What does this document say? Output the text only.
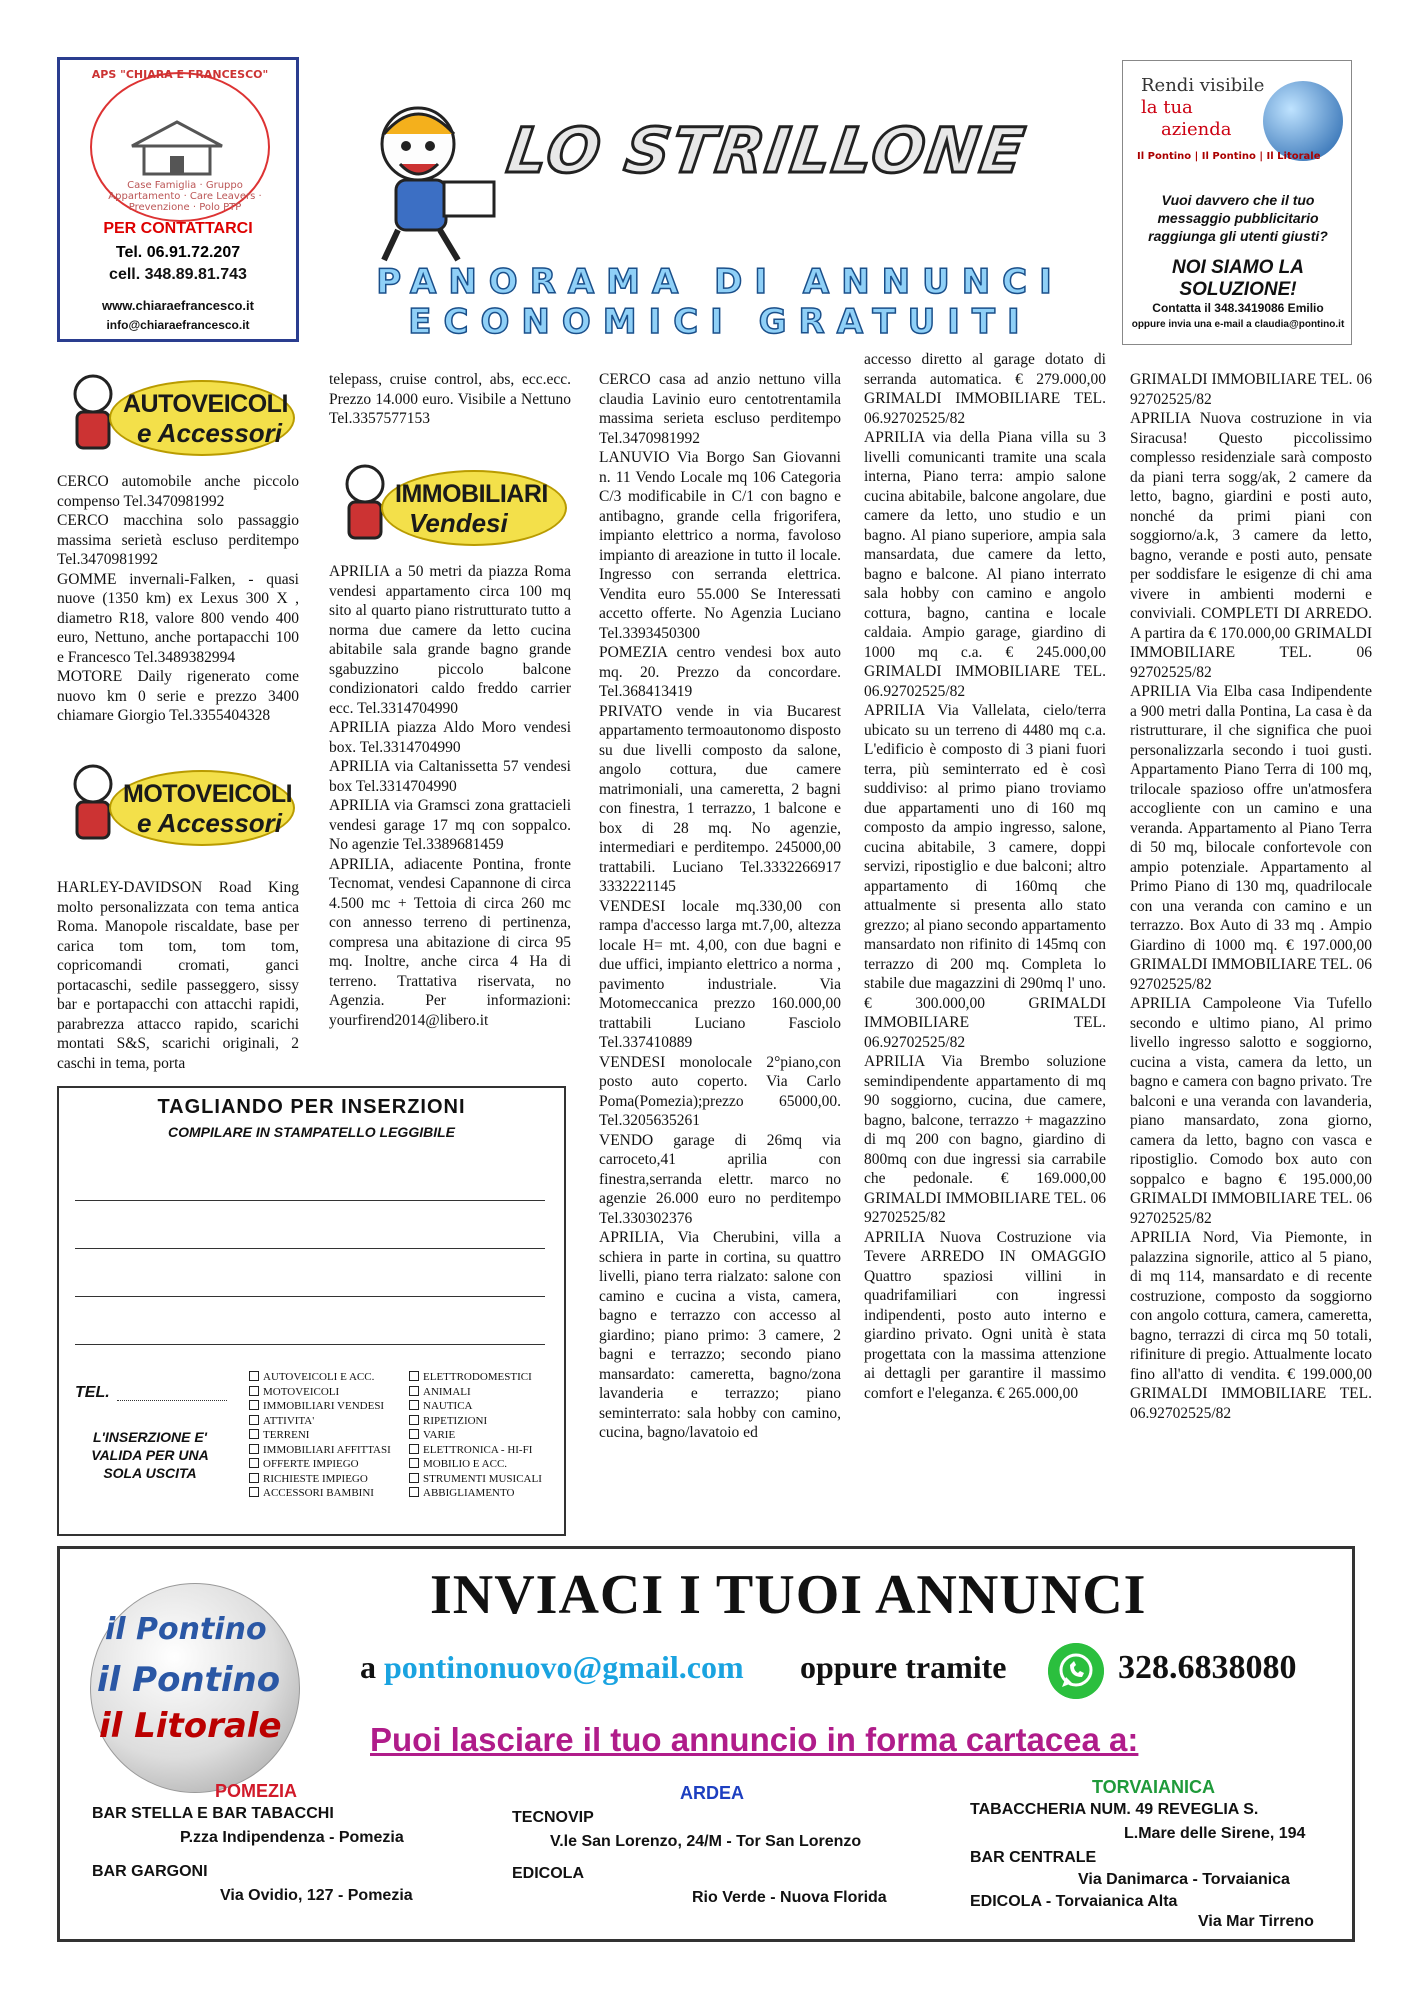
APS "CHIARA E FRANCESCO"
Case Famiglia · Gruppo Appartamento · Care Leavers · Prevenzione · Polo PTP
PER CONTATTARCI
Tel. 06.91.72.207
cell. 348.89.81.743
www.chiaraefrancesco.it
info@chiaraefrancesco.it
LO STRILLONE
PANORAMA DI ANNUNCI
ECONOMICI GRATUITI
Rendi visibile
la tua
azienda
Il Pontino | Il Pontino | Il Litorale
Vuoi davvero che il tuo messaggio pubblicitario raggiunga gli utenti giusti?
NOI SIAMO LA SOLUZIONE!
Contatta il 348.3419086 Emilio
oppure invia una e-mail a claudia@pontino.it
AUTOVEICOLI
e Accessori
MOTOVEICOLI
e Accessori
IMMOBILIARI
Vendesi

CERCO automobile anche piccolo compenso Tel.3470981992

CERCO macchina solo passaggio massima serietà escluso perditempo Tel.3470981992

GOMME invernali-Falken, - quasi nuove (1350 km) ex Lexus 300 X , diametro R18, valore 800 vendo 400 euro, Nettuno, anche portapacchi 100 e Francesco Tel.3489382994

MOTORE Daily rigenerato come nuovo km 0 serie e prezzo 3400 chiamare Giorgio Tel.3355404328

HARLEY-DAVIDSON Road King molto personalizzata con tema antica Roma. Manopole riscaldate, base per carica tom tom, tom tom, copricomandi cromati, ganci portacaschi, sedile passeggero, sissy bar e portapacchi con attacchi rapidi, parabrezza attacco rapido, scarichi montati S&S, scarichi originali, 2 caschi in tema, porta

telepass, cruise control, abs, ecc.ecc. Prezzo 14.000 euro. Visibile a Nettuno Tel.3357577153

APRILIA a 50 metri da piazza Roma vendesi appartamento circa 100 mq sito al quarto piano ristrutturato tutto a norma due camere da letto cucina abitabile sala grande bagno grande sgabuzzino piccolo balcone condizionatori caldo freddo carrier ecc. Tel.3314704990

APRILIA piazza Aldo Moro vendesi box. Tel.3314704990

APRILIA via Caltanissetta 57 vendesi box Tel.3314704990

APRILIA via Gramsci zona grattacieli vendesi garage 17 mq con soppalco. No agenzie Tel.3389681459

APRILIA, adiacente Pontina, fronte Tecnomat, vendesi Capannone di circa 4.500 mc + Tettoia di circa 260 mc con annesso terreno di pertinenza, compresa una abitazione di circa 95 mq. Inoltre, anche circa 4 Ha di terreno. Trattativa riservata, no Agenzia. Per informazioni: yourfirend2014@libero.it

CERCO casa ad anzio nettuno villa claudia Lavinio euro centotrentamila massima serieta escluso perditempo Tel.3470981992

LANUVIO Via Borgo San Giovanni n. 11 Vendo Locale mq 106 Categoria C/3 modificabile in C/1 con bagno e antibagno, grande cella frigorifera, impianto elettrico a norma, favoloso impianto di areazione in tutto il locale. Ingresso con serranda elettrica. Vendita euro 55.000 Se Interessati accetto offerte. No Agenzia Luciano Tel.3393450300

POMEZIA centro vendesi box auto mq. 20. Prezzo da concordare. Tel.368413419

PRIVATO vende in via Bucarest appartamento termoautonomo disposto su due livelli composto da salone, angolo cottura, due camere matrimoniali, una cameretta, 2 bagni con finestra, 1 terrazzo, 1 balcone e box di 28 mq. No agenzie, intermediari e perditempo. 245000,00 trattabili. Luciano Tel.3332266917 3332221145

VENDESI locale mq.330,00 con rampa d'accesso larga mt.7,00, altezza locale H= mt. 4,00, con due bagni e due uffici, impianto elettrico a norma , pavimento industriale. Via Motomeccanica prezzo 160.000,00 trattabili Luciano Fasciolo Tel.337410889

VENDESI monolocale 2°piano,con posto auto coperto. Via Carlo Poma(Pomezia);prezzo 65000,00. Tel.3205635261

VENDO garage di 26mq via carroceto,41 aprilia con finestra,serranda elettr. marco no agenzie 26.000 euro no perditempo Tel.330302376

APRILIA, Via Cherubini, villa a schiera in parte in cortina, su quattro livelli, piano terra rialzato: salone con camino e cucina a vista, camera, bagno e terrazzo con accesso al giardino; piano primo: 3 camere, 2 bagni e terrazzo; secondo piano mansardato: cameretta, bagno/zona lavanderia e terrazzo; piano seminterrato: sala hobby con camino, cucina, bagno/lavatoio ed

accesso diretto al garage dotato di serranda automatica. € 279.000,00 GRIMALDI IMMOBILIARE TEL. 06.92702525/82

APRILIA via della Piana villa su 3 livelli comunicanti tramite una scala interna, Piano terra: ampio salone cucina abitabile, balcone angolare, due camere da letto, uno studio e un bagno. Al piano superiore, ampia sala mansardata, due camere da letto, bagno e balcone. Al piano interrato sala hobby con camino e angolo cottura, bagno, cantina e locale caldaia. Ampio garage, giardino di 1000 mq c.a. € 245.000,00 GRIMALDI IMMOBILIARE TEL. 06.92702525/82

APRILIA Via Vallelata, cielo/terra ubicato su un terreno di 4480 mq c.a. L'edificio è composto di 3 piani fuori terra, più seminterrato ed è così suddiviso: al primo piano troviamo due appartamenti uno di 160 mq composto da ampio ingresso, salone, cucina abitabile, 3 camere, doppi servizi, ripostiglio e due balconi; altro appartamento di 160mq che attualmente si presenta allo stato grezzo; al piano secondo appartamento mansardato non rifinito di 145mq con terrazzo di 200 mq. Completa lo stabile due magazzini di 290mq l' uno.€ 300.000,00 GRIMALDI IMMOBILIARE TEL. 06.92702525/82

APRILIA Via Brembo soluzione semindipendente appartamento di mq 90 soggiorno, cucina, due camere, bagno, balcone, terrazzo + magazzino di mq 200 con bagno, giardino di 800mq con due ingressi sia carrabile che pedonale. € 169.000,00 GRIMALDI IMMOBILIARE TEL. 06 92702525/82

APRILIA Nuova Costruzione via Tevere ARREDO IN OMAGGIO Quattro spaziosi villini in quadrifamiliari con ingressi indipendenti, posto auto interno e giardino privato. Ogni unità è stata progettata con la massima attenzione ai dettagli per garantire il massimo comfort e l'eleganza. € 265.000,00

GRIMALDI IMMOBILIARE TEL. 06 92702525/82

APRILIA Nuova costruzione in via Siracusa! Questo piccolissimo complesso residenziale sarà composto da piani terra sogg/ak, 2 camere da letto, bagno, giardini e posti auto, nonché da primi piani con soggiorno/a.k, 3 camere da letto, bagno, verande e posti auto, pensate per soddisfare le esigenze di chi ama vivere in ambienti moderni e conviviali. COMPLETI DI ARREDO. A partira da € 170.000,00 GRIMALDI IMMOBILIARE TEL. 06 92702525/82

APRILIA Via Elba casa Indipendente a 900 metri dalla Pontina, La casa è da ristrutturare, il che significa che puoi personalizzarla secondo i tuoi gusti. Appartamento Piano Terra di 100 mq, trilocale spazioso offre un'atmosfera accogliente con un camino e una veranda. Appartamento al Piano Terra di 50 mq, bilocale confortevole con ampio potenziale. Appartamento al Primo Piano di 130 mq, quadrilocale con una veranda con camino e un terrazzo. Box Auto di 33 mq . Ampio Giardino di 1000 mq. € 197.000,00 GRIMALDI IMMOBILIARE TEL. 06 92702525/82

APRILIA Campoleone Via Tufello secondo e ultimo piano, Al primo livello ingresso salotto e soggiorno, cucina a vista, camera da letto, un bagno e camera con bagno privato. Tre balconi e una veranda con lavanderia, piano mansardato, zona giorno, camera da letto, bagno con vasca e ripostiglio. Comodo box auto con soppalco e bagno € 195.000,00 GRIMALDI IMMOBILIARE TEL. 06 92702525/82

APRILIA Nord, Via Piemonte, in palazzina signorile, attico al 5 piano, di mq 114, mansardato e di recente costruzione, composto da soggiorno con angolo cottura, camera, cameretta, bagno, terrazzi di circa mq 50 totali, rifiniture di pregio. Attualmente locato fino all'atto di vendita. € 199.000,00 GRIMALDI IMMOBILIARE TEL. 06.92702525/82

TAGLIANDO PER INSERZIONI
COMPILARE IN STAMPATELLO LEGGIBILE
TEL.
L'INSERZIONE E' VALIDA PER UNA SOLA USCITA
AUTOVEICOLI E ACC.
MOTOVEICOLI
IMMOBILIARI VENDESI
ATTIVITA'
TERRENI
IMMOBILIARI AFFITTASI
OFFERTE IMPIEGO
RICHIESTE IMPIEGO
ACCESSORI BAMBINI
ELETTRODOMESTICI
ANIMALI
NAUTICA
RIPETIZIONI
VARIE
ELETTRONICA - HI-FI
MOBILIO E ACC.
STRUMENTI MUSICALI
ABBIGLIAMENTO
il Pontino
il Pontino
il Litorale
INVIACI I TUOI ANNUNCI
a pontinonuovo@gmail.com oppure tramite	328.6838080
Puoi lasciare il tuo annuncio in forma cartacea a:
POMEZIA
BAR STELLA E BAR TABACCHI
P.zza Indipendenza - Pomezia
BAR GARGONI
Via Ovidio, 127 - Pomezia
ARDEA
TECNOVIP
V.le San Lorenzo, 24/M - Tor San Lorenzo
EDICOLA
Rio Verde - Nuova Florida
TORVAIANICA
TABACCHERIA NUM. 49 REVEGLIA S.
L.Mare delle Sirene, 194
BAR CENTRALE
Via Danimarca - Torvaianica
EDICOLA - Torvaianica Alta
Via Mar Tirreno
